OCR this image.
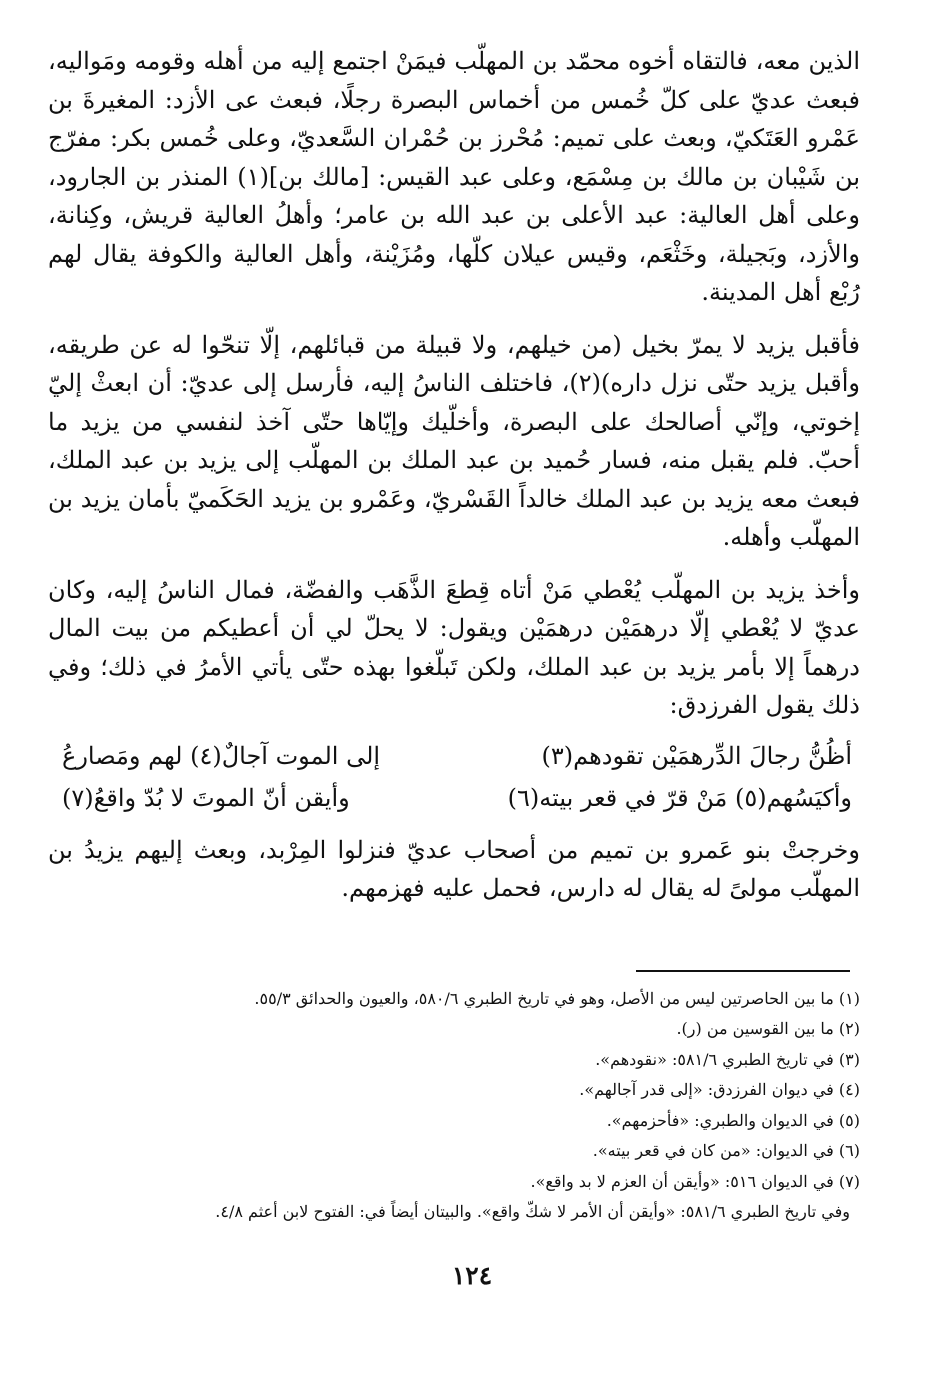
الذين معه، فالتقاه أخوه محمّد بن المهلّب فيمَنْ اجتمع إليه من أهله وقومه ومَواليه، فبعث عديّ على كلّ خُمس من أخماس البصرة رجلًا، فبعث عى الأزد: المغيرةَ بن عَمْرو العَتَكيّ، وبعث على تميم: مُحْرز بن حُمْران السَّعديّ، وعلى خُمس بكر: مفرّج بن شَيْبان بن مالك بن مِسْمَع، وعلى عبد القيس: [مالك بن](١) المنذر بن الجارود، وعلى أهل العالية: عبد الأعلى بن عبد الله بن عامر؛ وأهلُ العالية قريش، وكِنانة، والأزد، وبَجيلة، وخَثْعَم، وقيس عيلان كلّها، ومُزَيْنة، وأهل العالية والكوفة يقال لهم رُبْع أهل المدينة.

فأقبل يزيد لا يمرّ بخيل (من خيلهم، ولا قبيلة من قبائلهم، إلّا تنحّوا له عن طريقه، وأقبل يزيد حتّى نزل داره)(٢)، فاختلف الناسُ إليه، فأرسل إلى عديّ: أن ابعثْ إليّ إخوتي، وإنّي أصالحك على البصرة، وأخلّيك وإيّاها حتّى آخذ لنفسي من يزيد ما أحبّ. فلم يقبل منه، فسار حُميد بن عبد الملك بن المهلّب إلى يزيد بن عبد الملك، فبعث معه يزيد بن عبد الملك خالداً القَسْريّ، وعَمْرو بن يزيد الحَكَميّ بأمان يزيد بن المهلّب وأهله.

وأخذ يزيد بن المهلّب يُعْطي مَنْ أتاه قِطعَ الذَّهَب والفضّة، فمال الناسُ إليه، وكان عديّ لا يُعْطي إلّا درهمَيْن درهمَيْن ويقول: لا يحلّ لي أن أعطيكم من بيت المال درهماً إلا بأمر يزيد بن عبد الملك، ولكن تَبلّغوا بهذه حتّى يأتي الأمرُ في ذلك؛ وفي ذلك يقول الفرزدق:

أظُنُّ رجالَ الدِّرهمَيْن تقودهم(٣)
إلى الموت آجالٌ(٤) لهم ومَصارعُ
وأكيَسُهم(٥) مَنْ قرّ في قعر بيته(٦)
وأيقن أنّ الموتَ لا بُدّ واقعُ(٧)

وخرجتْ بنو عَمرو بن تميم من أصحاب عديّ فنزلوا المِرْبد، وبعث إليهم يزيدُ بن المهلّب مولىً له يقال له دارس، فحمل عليه فهزمهم.

(١) ما بين الحاصرتين ليس من الأصل، وهو في تاريخ الطبري ٥٨٠/٦، والعيون والحدائق ٥٥/٣.

(٢) ما بين القوسين من (ر).

(٣) في تاريخ الطبري ٥٨١/٦: «نقودهم».

(٤) في ديوان الفرزدق: «إلى قدر آجالهم».

(٥) في الديوان والطبري: «فأحزمهم».

(٦) في الديوان: «من كان في قعر بيته».

(٧) في الديوان ٥١٦: «وأيقن أن العزم لا بد واقع».

وفي تاريخ الطبري ٥٨١/٦: «وأيقن أن الأمر لا شكّ واقع». والبيتان أيضاً في: الفتوح لابن أعثم ٤/٨.

١٢٤
